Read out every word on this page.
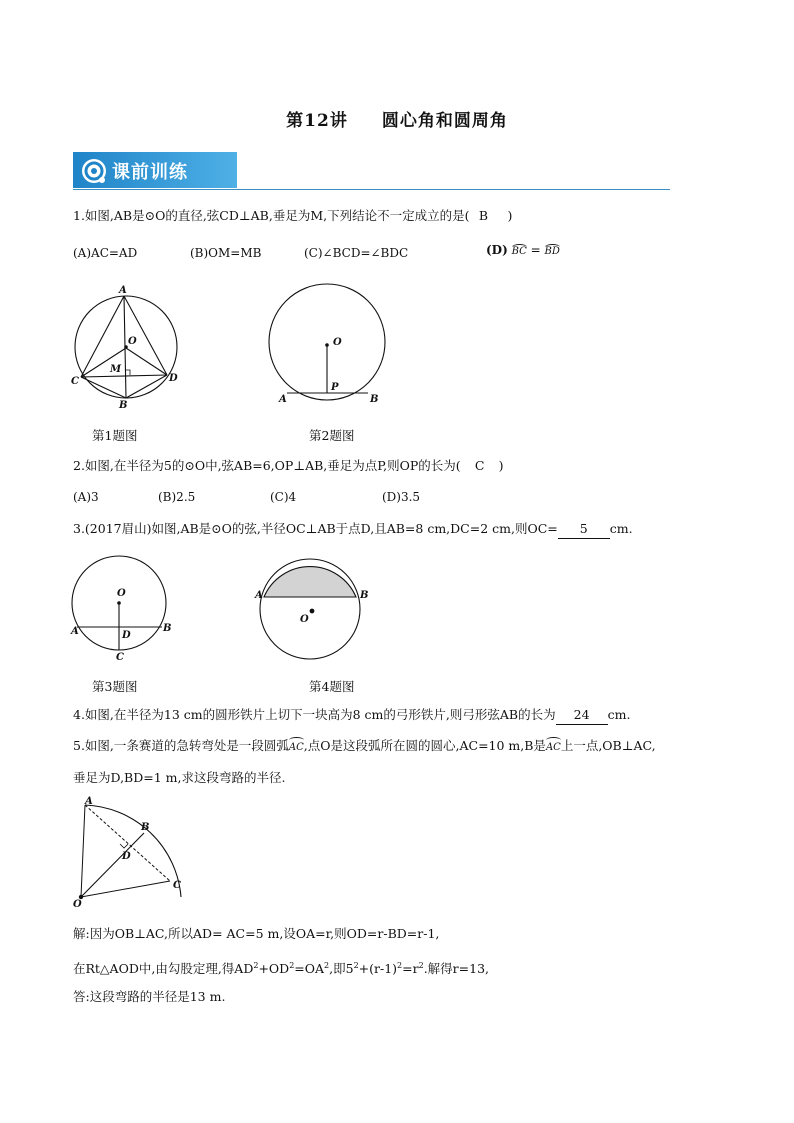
第12讲 圆心角和圆周角
课前训练
1.如图,AB是⊙O的直径,弦CD⊥AB,垂足为M,下列结论不一定成立的是( B )
(A)AC=AD	(B)OM=MB	(C)∠BCD=∠BDC	(D) BC = BD
A
O
M
C	D
B
第1题图
O
P
A	B
第2题图
2.如图,在半径为5的⊙O中,弦AB=6,OP⊥AB,垂足为点P,则OP的长为( C )
(A)3	(B)2.5	(C)4	(D)3.5
3.(2017眉山)如图,AB是⊙O的弦,半径OC⊥AB于点D,且AB=8 cm,DC=2 cm,则OC= 5 cm.
O
A	D
B
C
第3题图
A	B
O
第4题图
4.如图,在半径为13 cm的圆形铁片上切下一块高为8 cm的弓形铁片,则弓形弦AB的长为 24 cm.
5.如图,一条赛道的急转弯处是一段圆弧AC,点O是这段弧所在圆的圆心,AC=10 m,B是AC上一点,OB⊥AC,
垂足为D,BD=1 m,求这段弯路的半径.
A
B
D
O
C
解:因为OB⊥AC,所以AD= AC=5 m,设OA=r,则OD=r-BD=r-1,
在Rt△AOD中,由勾股定理,得$AD^2+OD^2=OA^2$,即$5^2+(r-1)^2=r^2$.解得r=13,
答:这段弯路的半径是13 m.
